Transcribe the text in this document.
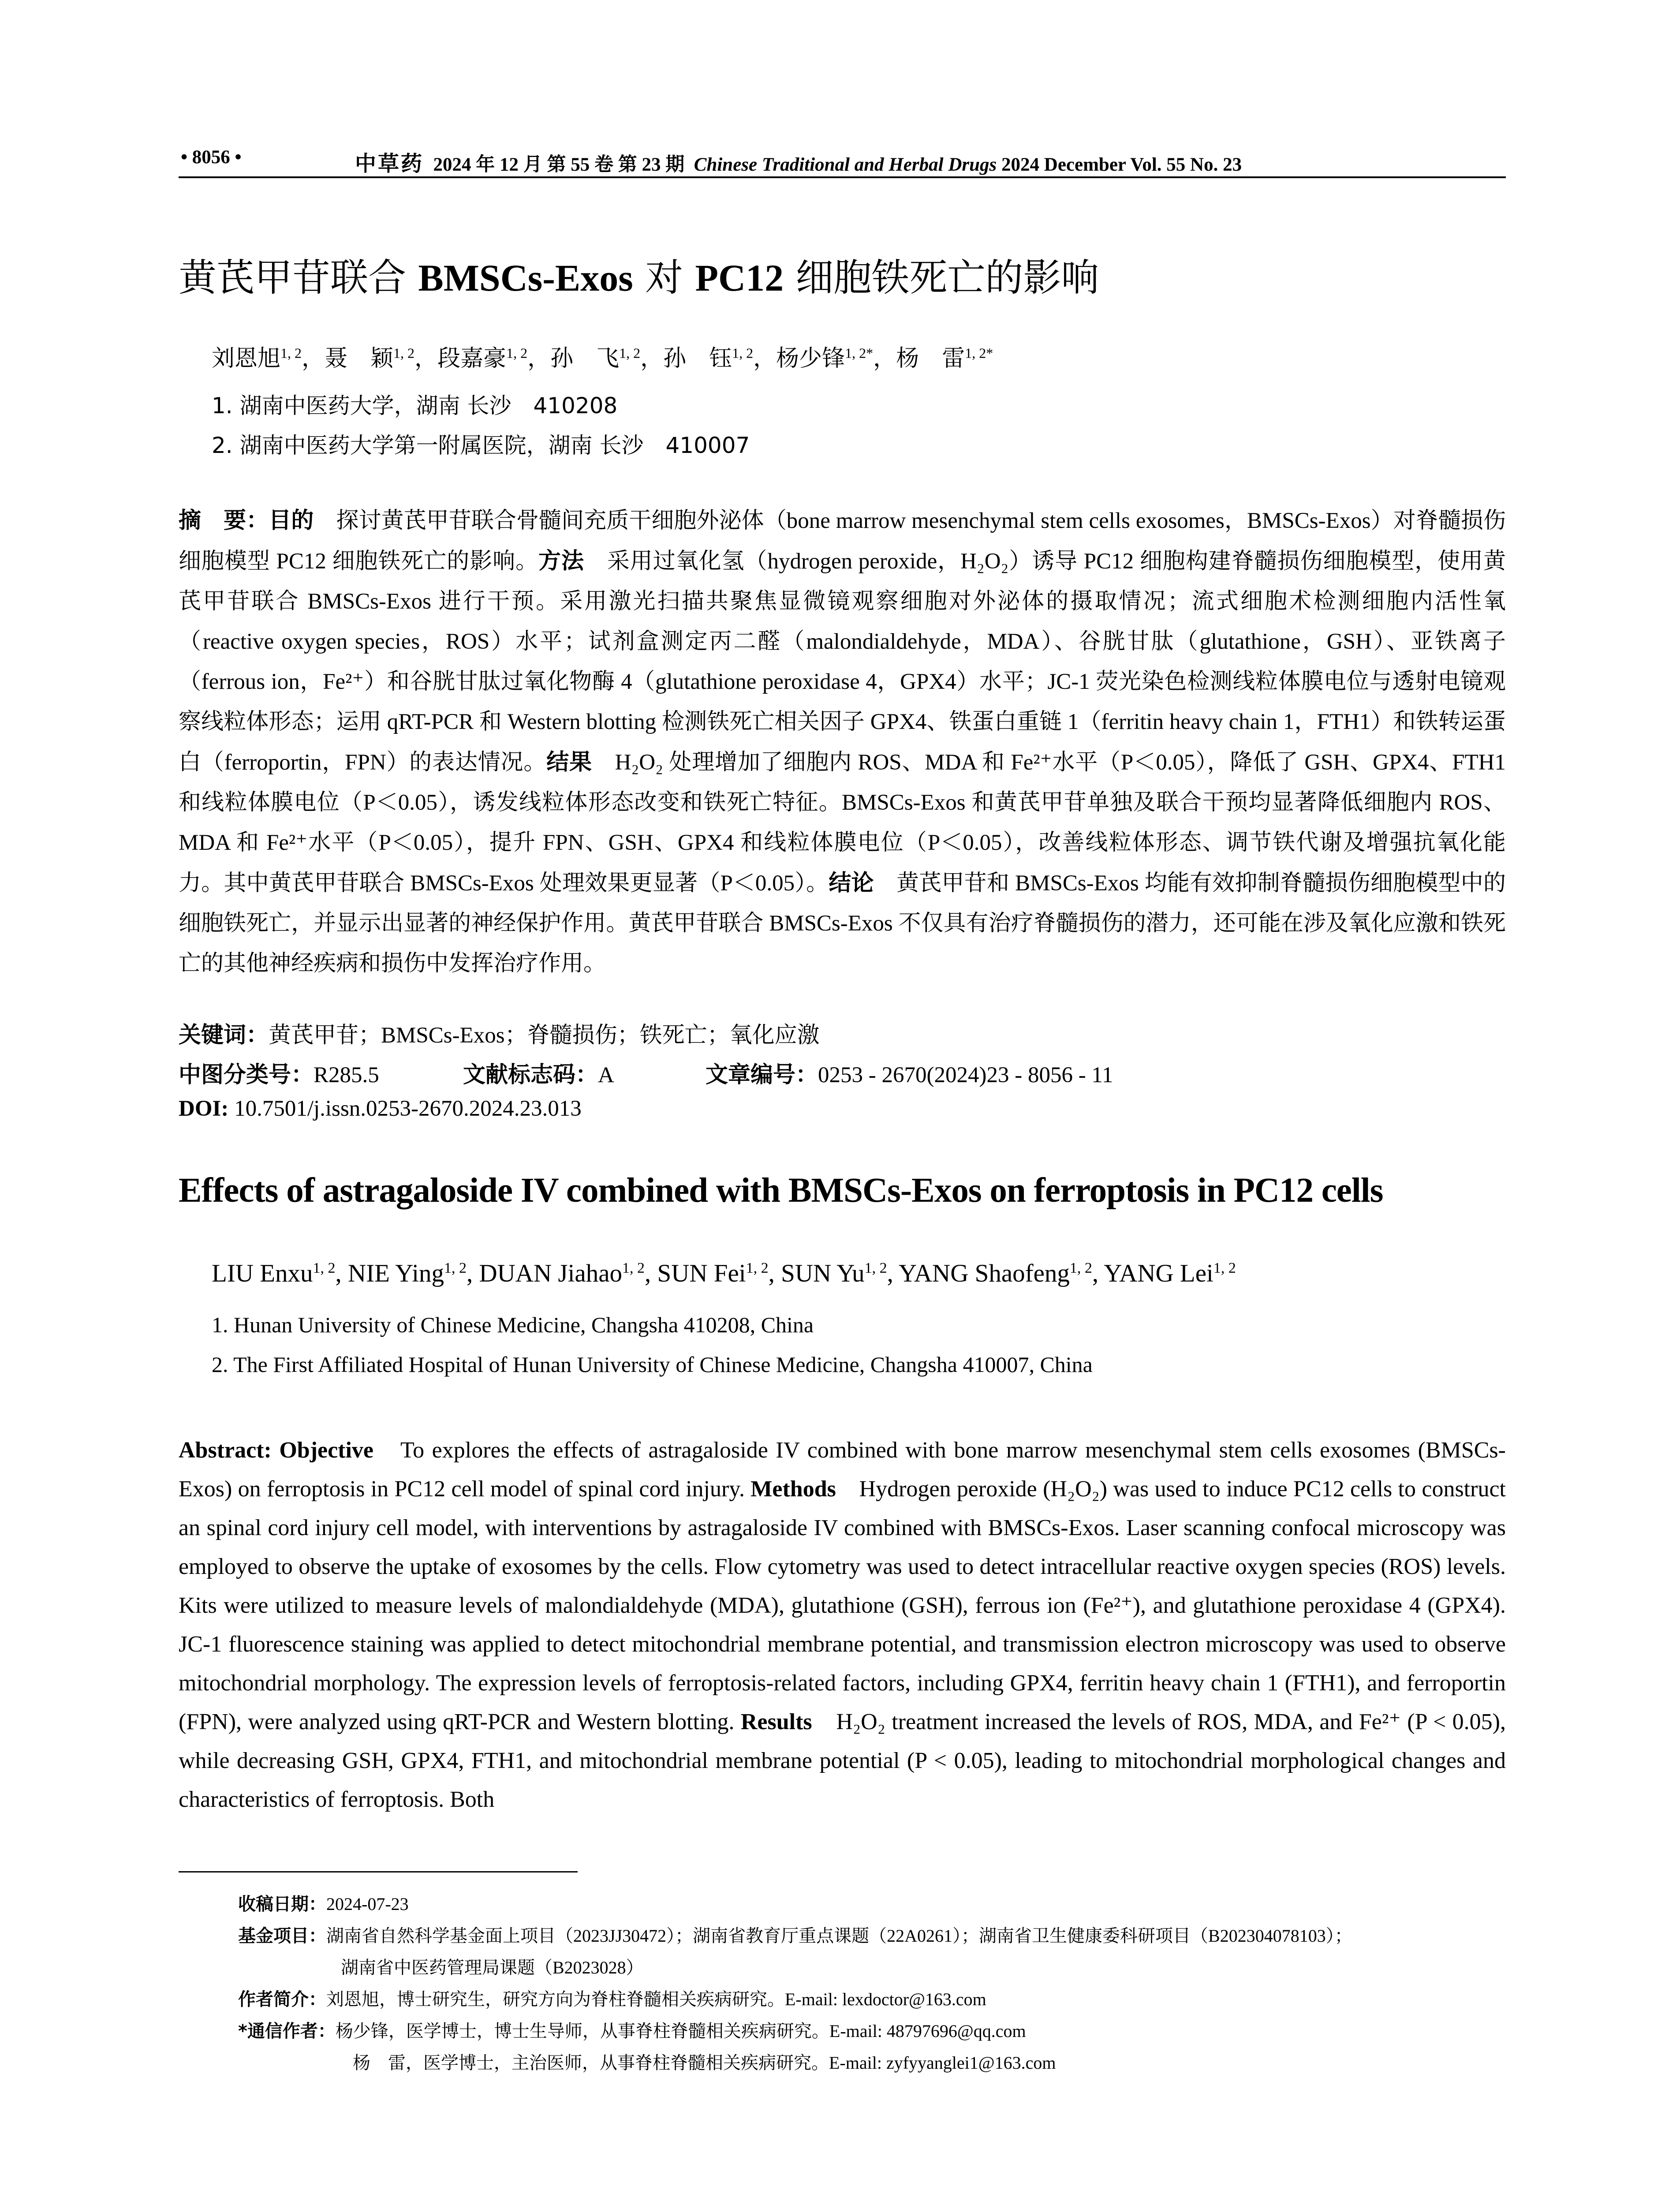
• 8056 •	中草药 2024 年 12 月 第 55 卷 第 23 期 Chinese Traditional and Herbal Drugs 2024 December Vol. 55 No. 23
黄芪甲苷联合 BMSCs-Exos 对 PC12 细胞铁死亡的影响
刘恩旭$^{1, 2}$，聂　颖$^{1, 2}$，段嘉豪$^{1, 2}$，孙　飞$^{1, 2}$，孙　钰$^{1, 2}$，杨少锋$^{1, 2*}$，杨　雷$^{1, 2*}$
1. 湖南中医药大学，湖南 长沙　410208
2. 湖南中医药大学第一附属医院，湖南 长沙　410007
摘　要：目的　探讨黄芪甲苷联合骨髓间充质干细胞外泌体（bone marrow mesenchymal stem cells exosomes，BMSCs-Exos）对脊髓损伤细胞模型 PC12 细胞铁死亡的影响。方法　采用过氧化氢（hydrogen peroxide，H₂O₂）诱导 PC12 细胞构建脊髓损伤细胞模型，使用黄芪甲苷联合 BMSCs-Exos 进行干预。采用激光扫描共聚焦显微镜观察细胞对外泌体的摄取情况；流式细胞术检测细胞内活性氧（reactive oxygen species，ROS）水平；试剂盒测定丙二醛（malondialdehyde，MDA）、谷胱甘肽（glutathione，GSH）、亚铁离子（ferrous ion，Fe²⁺）和谷胱甘肽过氧化物酶 4（glutathione peroxidase 4，GPX4）水平；JC-1 荧光染色检测线粒体膜电位与透射电镜观察线粒体形态；运用 qRT-PCR 和 Western blotting 检测铁死亡相关因子 GPX4、铁蛋白重链 1（ferritin heavy chain 1，FTH1）和铁转运蛋白（ferroportin，FPN）的表达情况。结果　H₂O₂ 处理增加了细胞内 ROS、MDA 和 Fe²⁺水平（P＜0.05），降低了 GSH、GPX4、FTH1 和线粒体膜电位（P＜0.05），诱发线粒体形态改变和铁死亡特征。BMSCs-Exos 和黄芪甲苷单独及联合干预均显著降低细胞内 ROS、MDA 和 Fe²⁺水平（P＜0.05），提升 FPN、GSH、GPX4 和线粒体膜电位（P＜0.05），改善线粒体形态、调节铁代谢及增强抗氧化能力。其中黄芪甲苷联合 BMSCs-Exos 处理效果更显著（P＜0.05）。结论　黄芪甲苷和 BMSCs-Exos 均能有效抑制脊髓损伤细胞模型中的细胞铁死亡，并显示出显著的神经保护作用。黄芪甲苷联合 BMSCs-Exos 不仅具有治疗脊髓损伤的潜力，还可能在涉及氧化应激和铁死亡的其他神经疾病和损伤中发挥治疗作用。
关键词：黄芪甲苷；BMSCs-Exos；脊髓损伤；铁死亡；氧化应激
中图分类号：R285.5	文献标志码：A	文章编号：0253 - 2670(2024)23 - 8056 - 11
DOI: 10.7501/j.issn.0253-2670.2024.23.013
Effects of astragaloside IV combined with BMSCs-Exos on ferroptosis in PC12 cells
LIU Enxu$^{1, 2}$, NIE Ying$^{1, 2}$, DUAN Jiahao$^{1, 2}$, SUN Fei$^{1, 2}$, SUN Yu$^{1, 2}$, YANG Shaofeng$^{1, 2}$, YANG Lei$^{1, 2}$
1. Hunan University of Chinese Medicine, Changsha 410208, China
2. The First Affiliated Hospital of Hunan University of Chinese Medicine, Changsha 410007, China
Abstract: Objective　To explores the effects of astragaloside IV combined with bone marrow mesenchymal stem cells exosomes (BMSCs-Exos) on ferroptosis in PC12 cell model of spinal cord injury. Methods　Hydrogen peroxide (H₂O₂) was used to induce PC12 cells to construct an spinal cord injury cell model, with interventions by astragaloside IV combined with BMSCs-Exos. Laser scanning confocal microscopy was employed to observe the uptake of exosomes by the cells. Flow cytometry was used to detect intracellular reactive oxygen species (ROS) levels. Kits were utilized to measure levels of malondialdehyde (MDA), glutathione (GSH), ferrous ion (Fe²⁺), and glutathione peroxidase 4 (GPX4). JC-1 fluorescence staining was applied to detect mitochondrial membrane potential, and transmission electron microscopy was used to observe mitochondrial morphology. The expression levels of ferroptosis-related factors, including GPX4, ferritin heavy chain 1 (FTH1), and ferroportin (FPN), were analyzed using qRT-PCR and Western blotting. Results　H₂O₂ treatment increased the levels of ROS, MDA, and Fe²⁺ (P < 0.05), while decreasing GSH, GPX4, FTH1, and mitochondrial membrane potential (P < 0.05), leading to mitochondrial morphological changes and characteristics of ferroptosis. Both
收稿日期：2024-07-23
基金项目：湖南省自然科学基金面上项目（2023JJ30472）；湖南省教育厅重点课题（22A0261）；湖南省卫生健康委科研项目（B202304078103）；
湖南省中医药管理局课题（B2023028）
作者简介：刘恩旭，博士研究生，研究方向为脊柱脊髓相关疾病研究。E-mail: lexdoctor@163.com
*通信作者：杨少锋，医学博士，博士生导师，从事脊柱脊髓相关疾病研究。E-mail: 48797696@qq.com
杨　雷，医学博士，主治医师，从事脊柱脊髓相关疾病研究。E-mail: zyfyyanglei1@163.com
